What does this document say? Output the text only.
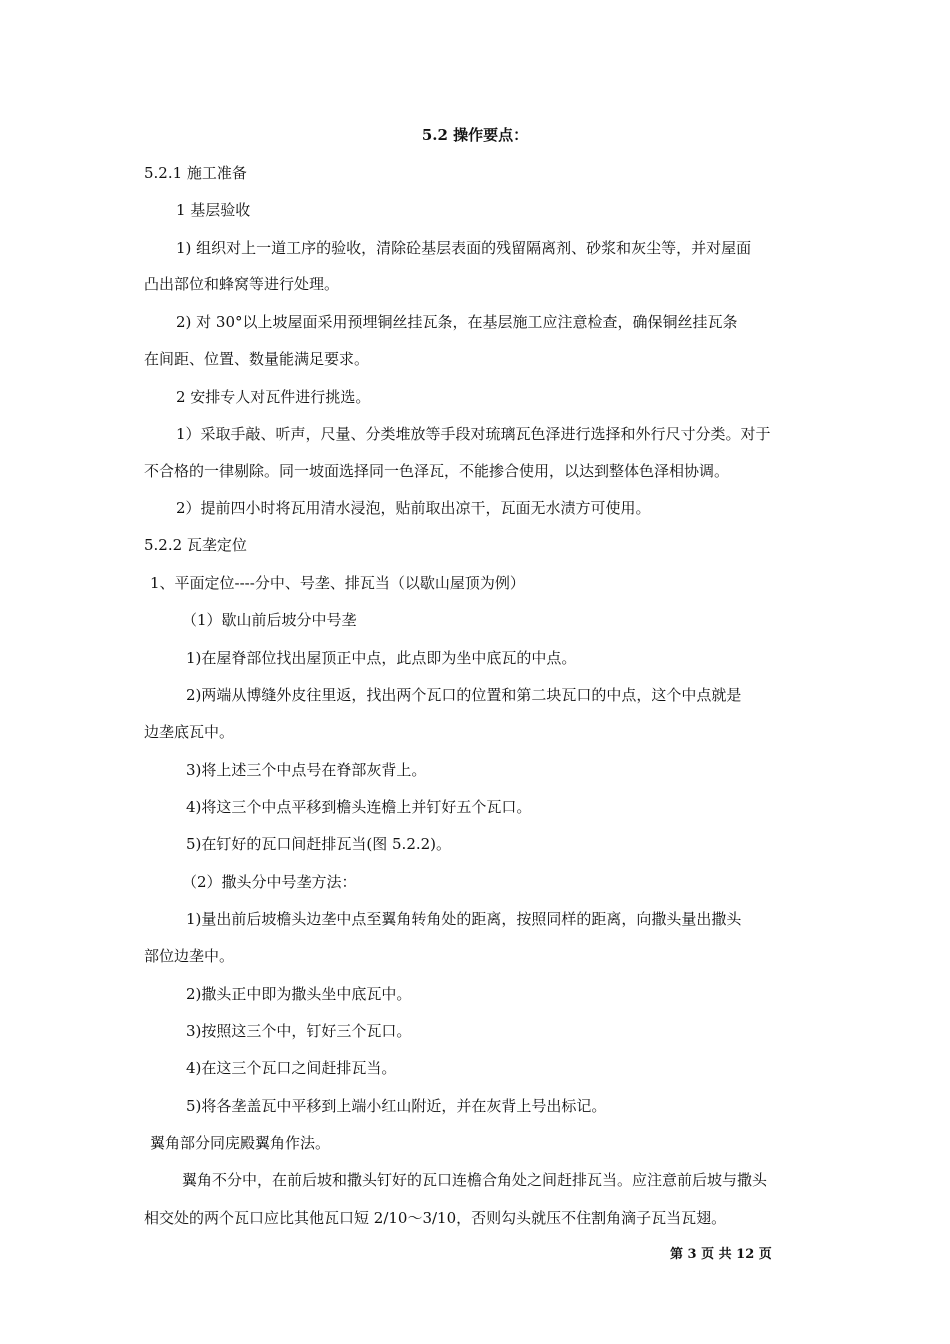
5.2 操作要点：
5.2.1 施工准备
1 基层验收
1) 组织对上一道工序的验收，清除砼基层表面的残留隔离剂、砂浆和灰尘等，并对屋面
凸出部位和蜂窝等进行处理。
2) 对 30°以上坡屋面采用预埋铜丝挂瓦条，在基层施工应注意检查，确保铜丝挂瓦条
在间距、位置、数量能满足要求。
2 安排专人对瓦件进行挑选。
1）采取手敲、听声，尺量、分类堆放等手段对琉璃瓦色泽进行选择和外行尺寸分类。对于
不合格的一律剔除。同一坡面选择同一色泽瓦，不能掺合使用，以达到整体色泽相协调。
2）提前四小时将瓦用清水浸泡，贴前取出凉干，瓦面无水渍方可使用。
5.2.2 瓦垄定位
1、平面定位----分中、号垄、排瓦当（以歇山屋顶为例）
（1）歇山前后坡分中号垄
1)在屋脊部位找出屋顶正中点，此点即为坐中底瓦的中点。
2)两端从博缝外皮往里返，找出两个瓦口的位置和第二块瓦口的中点，这个中点就是
边垄底瓦中。
3)将上述三个中点号在脊部灰背上。
4)将这三个中点平移到檐头连檐上并钉好五个瓦口。
5)在钉好的瓦口间赶排瓦当(图 5.2.2)。
（2）撒头分中号垄方法：
1)量出前后坡檐头边垄中点至翼角转角处的距离，按照同样的距离，向撒头量出撒头
部位边垄中。
2)撒头正中即为撒头坐中底瓦中。
3)按照这三个中，钉好三个瓦口。
4)在这三个瓦口之间赶排瓦当。
5)将各垄盖瓦中平移到上端小红山附近，并在灰背上号出标记。
翼角部分同庑殿翼角作法。
翼角不分中，在前后坡和撒头钉好的瓦口连檐合角处之间赶排瓦当。应注意前后坡与撒头
相交处的两个瓦口应比其他瓦口短 2/10～3/10，否则勾头就压不住割角滴子瓦当瓦翅。
第 3 页 共 12 页
